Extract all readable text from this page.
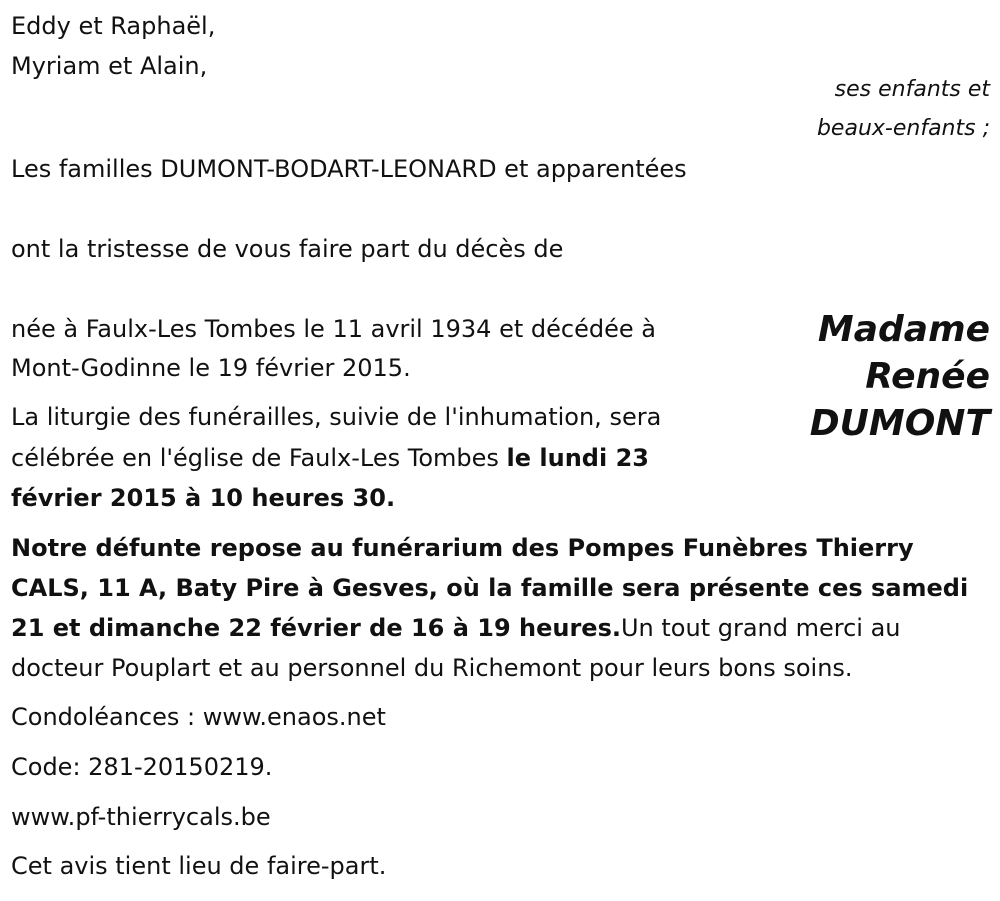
Eddy et Raphaël,
Myriam et Alain,
ses enfants et
beaux-enfants ;
Les familles DUMONT-BODART-LEONARD et apparentées
ont la tristesse de vous faire part du décès de
Madame
Renée
DUMONT
née à Faulx-Les Tombes le 11 avril 1934 et décédée à
Mont-Godinne le 19 février 2015.
La liturgie des funérailles, suivie de l'inhumation, sera
célébrée en l'église de Faulx-Les Tombes le lundi 23
février 2015 à 10 heures 30.
Notre défunte repose au funérarium des Pompes Funèbres Thierry
CALS, 11 A, Baty Pire à Gesves, où la famille sera présente ces samedi
21 et dimanche 22 février de 16 à 19 heures.Un tout grand merci au
docteur Pouplart et au personnel du Richemont pour leurs bons soins.
Condoléances : www.enaos.net
Code: 281-20150219.
www.pf-thierrycals.be
Cet avis tient lieu de faire-part.
